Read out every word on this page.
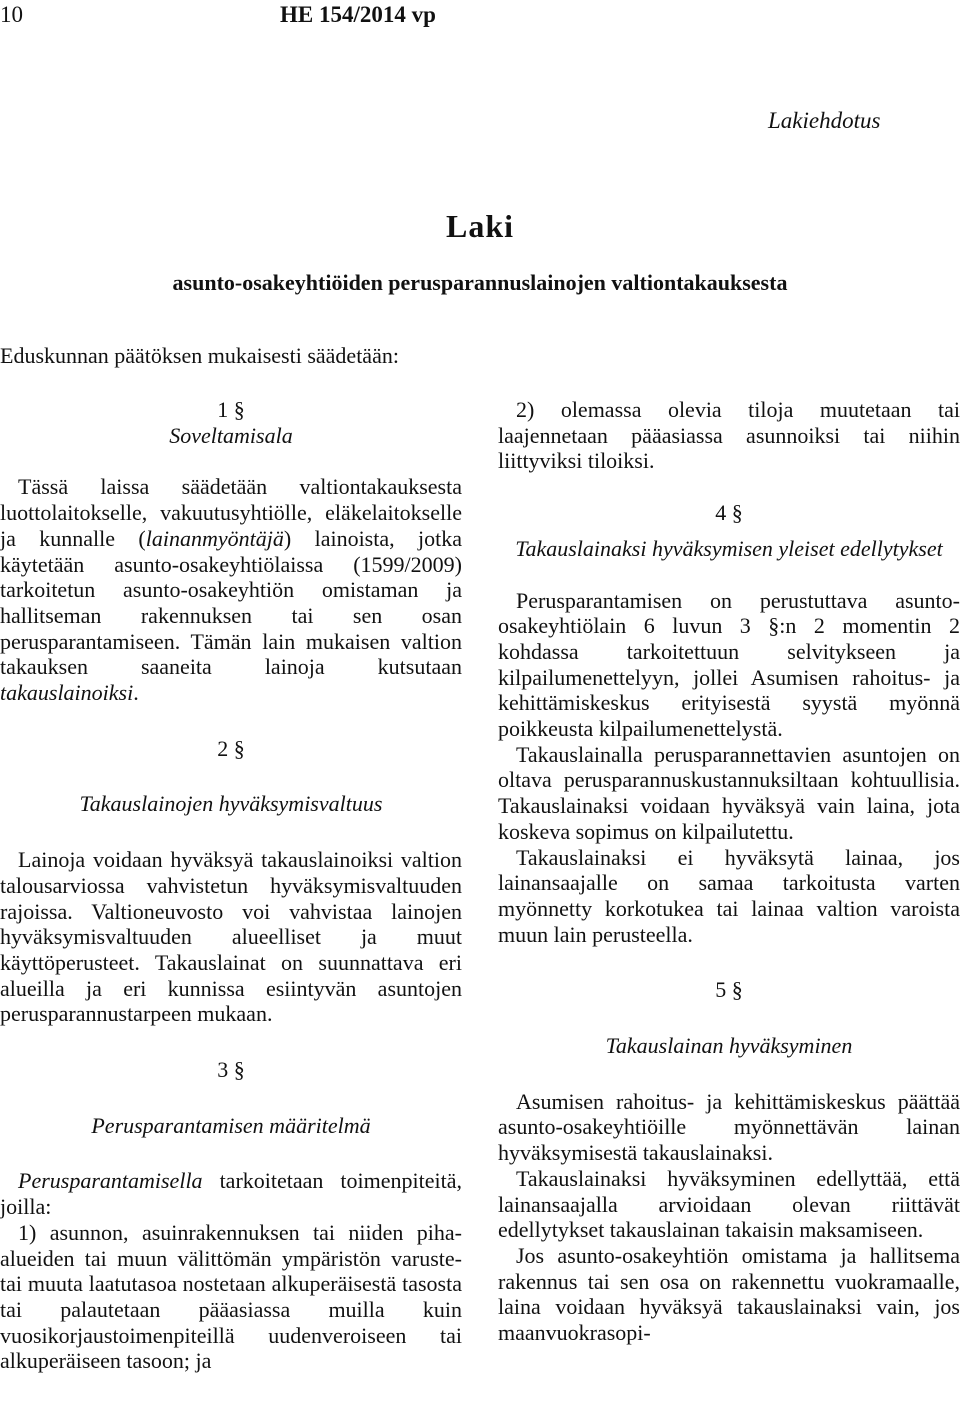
10	HE 154/2014 vp
Lakiehdotus
Laki
asunto-osakeyhtiöiden perusparannuslainojen valtiontakauksesta
Eduskunnan päätöksen mukaisesti säädetään:
1 §
Soveltamisala

Tässä laissa säädetään valtiontakauksesta luottolaitokselle, vakuutusyhtiölle, eläkelaitokselle ja kunnalle (lainanmyöntäjä) lainoista, jotka käytetään asunto-osakeyhtiölaissa (1599/2009) tarkoitetun asunto-osakeyhtiön omistaman ja hallitseman rakennuksen tai sen osan perusparantamiseen. Tämän lain mukaisen valtion takauksen saaneita lainoja kutsutaan takauslainoiksi.

2 §
Takauslainojen hyväksymisvaltuus

Lainoja voidaan hyväksyä takauslainoiksi valtion talousarviossa vahvistetun hyväksymisvaltuuden rajoissa. Valtioneuvosto voi vahvistaa lainojen hyväksymisvaltuuden alueelliset ja muut käyttöperusteet. Takauslainat on suunnattava eri alueilla ja eri kunnissa esiintyvän asuntojen perusparannustarpeen mukaan.

3 §
Perusparantamisen määritelmä

Perusparantamisella tarkoitetaan toimenpiteitä, joilla:

1) asunnon, asuinrakennuksen tai niiden piha-alueiden tai muun välittömän ympäristön varuste- tai muuta laatutasoa nostetaan alkuperäisestä tasosta tai palautetaan pääasiassa muilla kuin vuosikorjaustoimenpiteillä uudenveroiseen tai alkuperäiseen tasoon; ja

2) olemassa olevia tiloja muutetaan tai laajennetaan pääasiassa asunnoiksi tai niihin liittyviksi tiloiksi.

4 §
Takauslainaksi hyväksymisen yleiset edellytykset

Perusparantamisen on perustuttava asunto-osakeyhtiölain 6 luvun 3 §:n 2 momentin 2 kohdassa tarkoitettuun selvitykseen ja kilpailumenettelyyn, jollei Asumisen rahoitus- ja kehittämiskeskus erityisestä syystä myönnä poikkeusta kilpailumenettelystä.

Takauslainalla perusparannettavien asuntojen on oltava perusparannuskustannuksiltaan kohtuullisia. Takauslainaksi voidaan hyväksyä vain laina, jota koskeva sopimus on kilpailutettu.

Takauslainaksi ei hyväksytä lainaa, jos lainansaajalle on samaa tarkoitusta varten myönnetty korkotukea tai lainaa valtion varoista muun lain perusteella.

5 §
Takauslainan hyväksyminen

Asumisen rahoitus- ja kehittämiskeskus päättää asunto-osakeyhtiöille myönnettävän lainan hyväksymisestä takauslainaksi.

Takauslainaksi hyväksyminen edellyttää, että lainansaajalla arvioidaan olevan riittävät edellytykset takauslainan takaisin maksamiseen.

Jos asunto-osakeyhtiön omistama ja hallitsema rakennus tai sen osa on rakennettu vuokramaalle, laina voidaan hyväksyä takauslainaksi vain, jos maanvuokrasopi-
